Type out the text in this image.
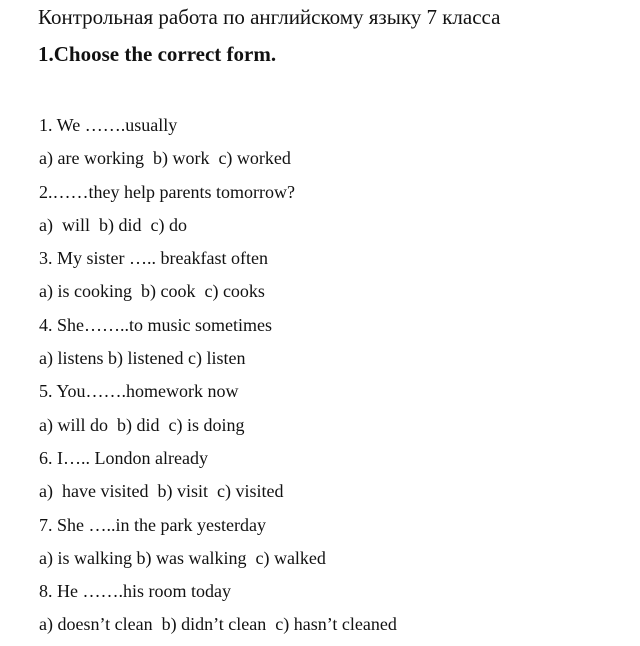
Контрольная работа по английскому языку 7 класса
1.Choose the correct form.
1. We …….usually
a) are working  b) work  c) worked
2.……they help parents tomorrow?
a)  will  b) did  c) do
3. My sister ….. breakfast often
a) is cooking  b) cook  c) cooks
4. She……..to music sometimes
a) listens b) listened c) listen
5. You…….homework now
a) will do  b) did  c) is doing
6. I….. London already
a)  have visited  b) visit  c) visited
7. She …..in the park yesterday
a) is walking b) was walking  c) walked
8. He …….his room today
a) doesn’t clean  b) didn’t clean  c) hasn’t cleaned
